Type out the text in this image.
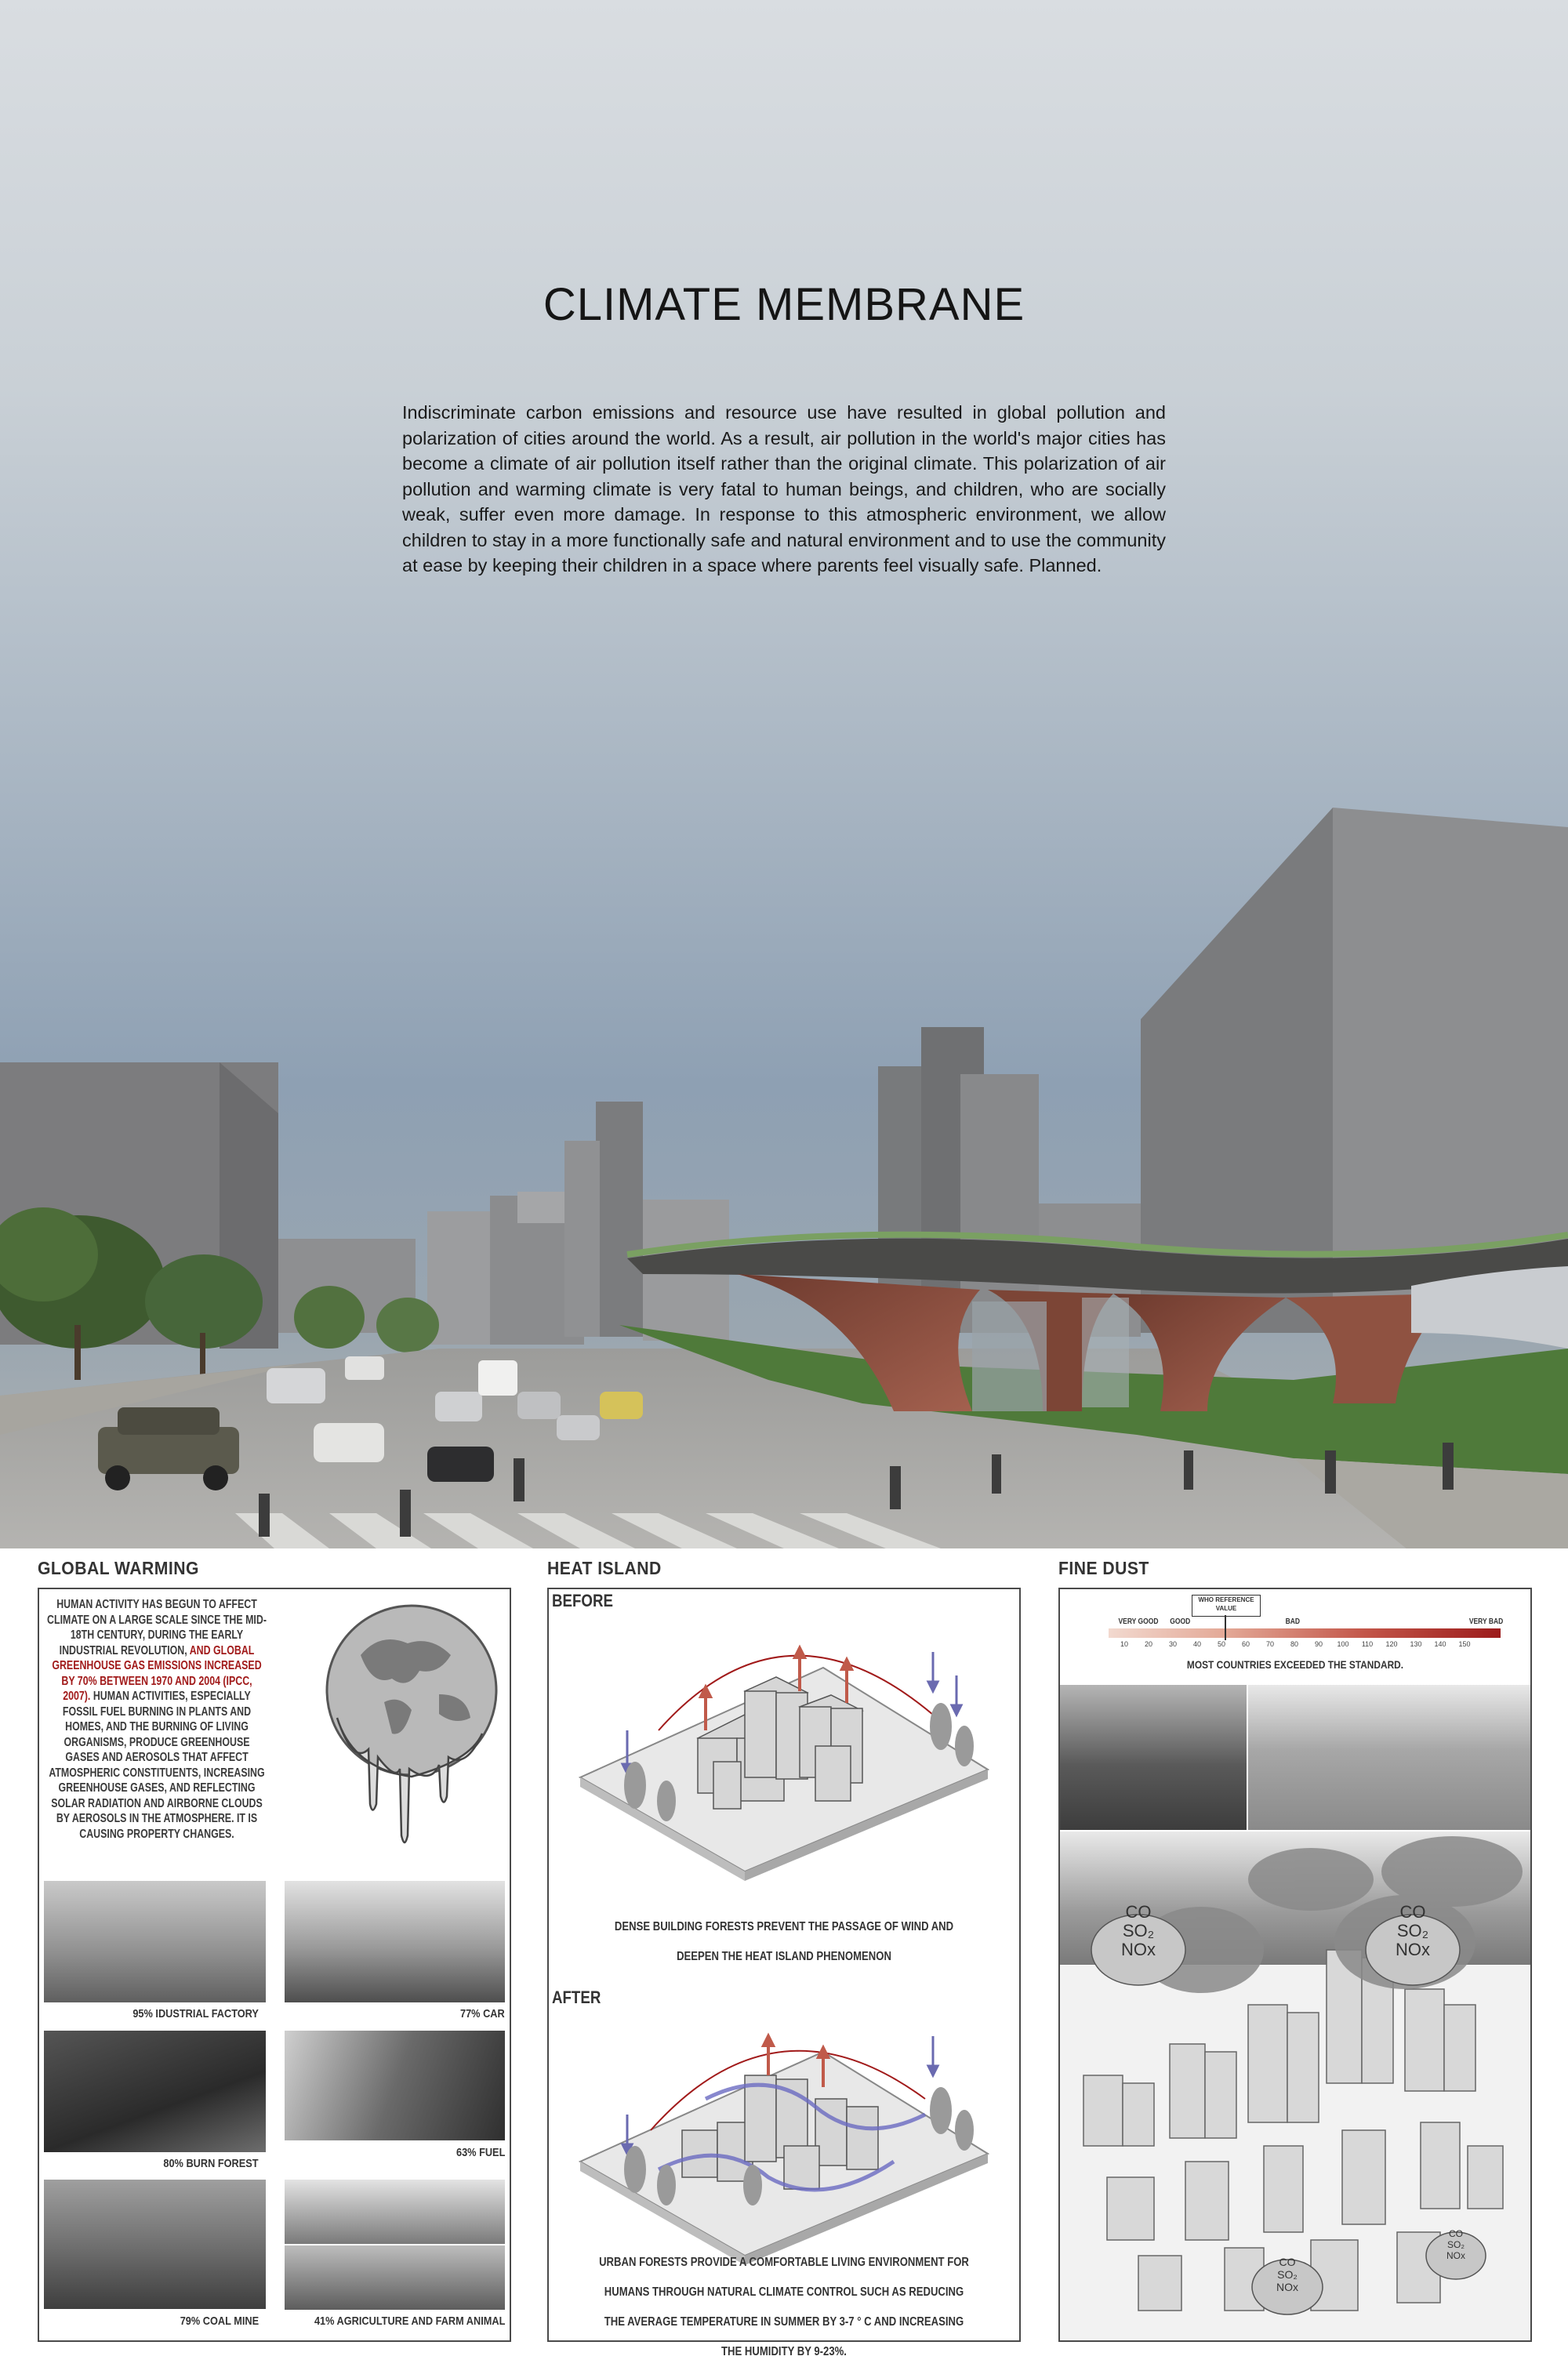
CLIMATE MEMBRANE
Indiscriminate carbon emissions and resource use have resulted in global pollution and polarization of cities around the world. As a result, air pollution in the world's major cities has become a climate of air pollution itself rather than the original climate. This polarization of air pollution and warming climate is very fatal to human beings, and children, who are socially weak, suffer even more damage. In response to this atmospheric environment, we allow children to stay in a more functionally safe and natural environment and to use the community at ease by keeping their children in a space where parents feel visually safe. Planned.
GLOBAL WARMING
HUMAN ACTIVITY HAS BEGUN TO AFFECT CLIMATE ON A LARGE SCALE SINCE THE MID-18TH CENTURY, DURING THE EARLY INDUSTRIAL REVOLUTION, AND GLOBAL GREENHOUSE GAS EMISSIONS INCREASED BY 70% BETWEEN 1970 AND 2004 (IPCC, 2007). HUMAN ACTIVITIES, ESPECIALLY FOSSIL FUEL BURNING IN PLANTS AND HOMES, AND THE BURNING OF LIVING ORGANISMS, PRODUCE GREENHOUSE GASES AND AEROSOLS THAT AFFECT ATMOSPHERIC CONSTITUENTS, INCREASING GREENHOUSE GASES, AND REFLECTING SOLAR RADIATION AND AIRBORNE CLOUDS BY AEROSOLS IN THE ATMOSPHERE. IT IS CAUSING PROPERTY CHANGES.
95% IDUSTRIAL FACTORY	77% CAR
80% BURN FOREST
63% FUEL
79% COAL MINE	41% AGRICULTURE AND FARM ANIMAL
HEAT ISLAND
BEFORE
DENSE BUILDING FORESTS PREVENT THE PASSAGE OF WIND AND DEEPEN THE HEAT ISLAND PHENOMENON
AFTER
URBAN FORESTS PROVIDE A COMFORTABLE LIVING ENVIRONMENT FOR HUMANS THROUGH NATURAL CLIMATE CONTROL SUCH AS REDUCING THE AVERAGE TEMPERATURE IN SUMMER BY 3-7 ° C AND INCREASING THE HUMIDITY BY 9-23%.
FINE DUST
WHO REFERENCE VALUE
VERY GOOD GOOD	BAD	VERY BAD
10 20 30 40 50 60 70 80 90 100 110 120 130 140 150
MOST COUNTRIES EXCEEDED THE STANDARD.
CO
SO₂
NOx
CO
SO₂
NOx
CO
SO₂
NOx
CO
SO₂
NOx
